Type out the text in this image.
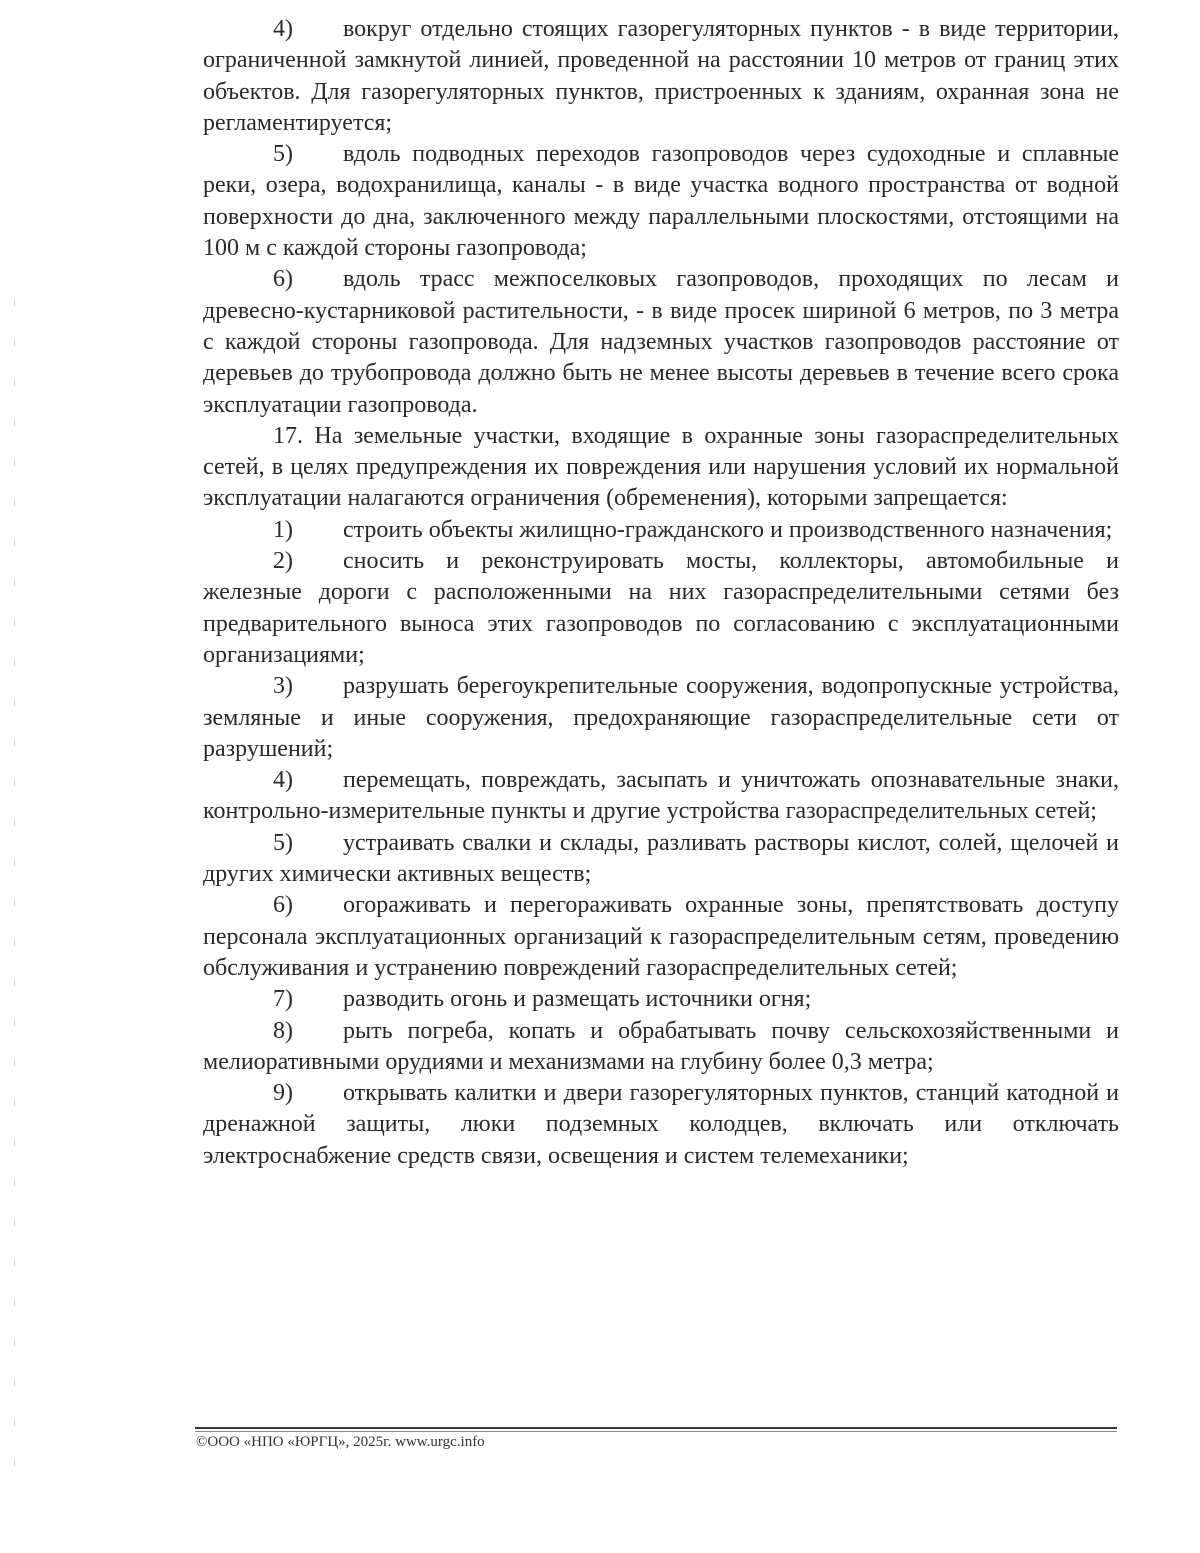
4) вокруг отдельно стоящих газорегуляторных пунктов - в виде территории, ограниченной замкнутой линией, проведенной на расстоянии 10 метров от границ этих объектов. Для газорегуляторных пунктов, пристроенных к зданиям, охранная зона не регламентируется;

5) вдоль подводных переходов газопроводов через судоходные и сплавные реки, озера, водохранилища, каналы - в виде участка водного пространства от водной поверхности до дна, заключенного между параллельными плоскостями, отстоящими на 100 м с каждой стороны газопровода;

6) вдоль трасс межпоселковых газопроводов, проходящих по лесам и древесно-кустарниковой растительности, - в виде просек шириной 6 метров, по 3 метра с каждой стороны газопровода. Для надземных участков газопроводов расстояние от деревьев до трубопровода должно быть не менее высоты деревьев в течение всего срока эксплуатации газопровода.

17. На земельные участки, входящие в охранные зоны газораспределительных сетей, в целях предупреждения их повреждения или нарушения условий их нормальной эксплуатации налагаются ограничения (обременения), которыми запрещается:

1) строить объекты жилищно-гражданского и производственного назначения;

2) сносить и реконструировать мосты, коллекторы, автомобильные и железные дороги с расположенными на них газораспределительными сетями без предварительного выноса этих газопроводов по согласованию с эксплуатационными организациями;

3) разрушать берегоукрепительные сооружения, водопропускные устройства, земляные и иные сооружения, предохраняющие газораспределительные сети от разрушений;

4) перемещать, повреждать, засыпать и уничтожать опознавательные знаки, контрольно-измерительные пункты и другие устройства газораспределительных сетей;

5) устраивать свалки и склады, разливать растворы кислот, солей, щелочей и других химически активных веществ;

6) огораживать и перегораживать охранные зоны, препятствовать доступу персонала эксплуатационных организаций к газораспределительным сетям, проведению обслуживания и устранению повреждений газораспределительных сетей;

7) разводить огонь и размещать источники огня;

8) рыть погреба, копать и обрабатывать почву сельскохозяйственными и мелиоративными орудиями и механизмами на глубину более 0,3 метра;

9) открывать калитки и двери газорегуляторных пунктов, станций катодной и дренажной защиты, люки подземных колодцев, включать или отключать электроснабжение средств связи, освещения и систем телемеханики;

©ООО «НПО «ЮРГЦ», 2025г. www.urgc.info
